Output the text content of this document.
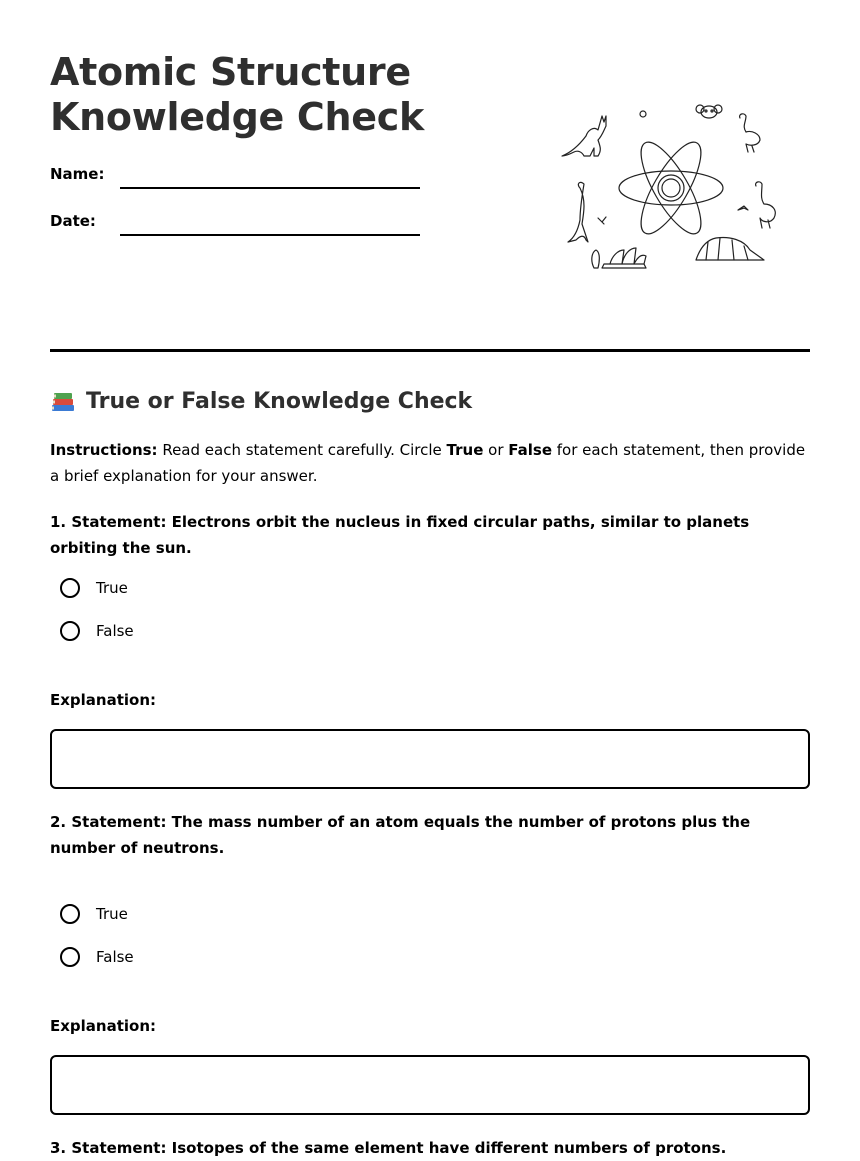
Atomic Structure
Knowledge Check
Name:
Date:
True or False Knowledge Check

Instructions: Read each statement carefully. Circle True or False for each statement, then provide a brief explanation for your answer.

1. Statement: Electrons orbit the nucleus in fixed circular paths, similar to planets orbiting the sun.

True
False
Explanation:

2. Statement: The mass number of an atom equals the number of protons plus the number of neutrons.

True
False
Explanation:

3. Statement: Isotopes of the same element have different numbers of protons.
